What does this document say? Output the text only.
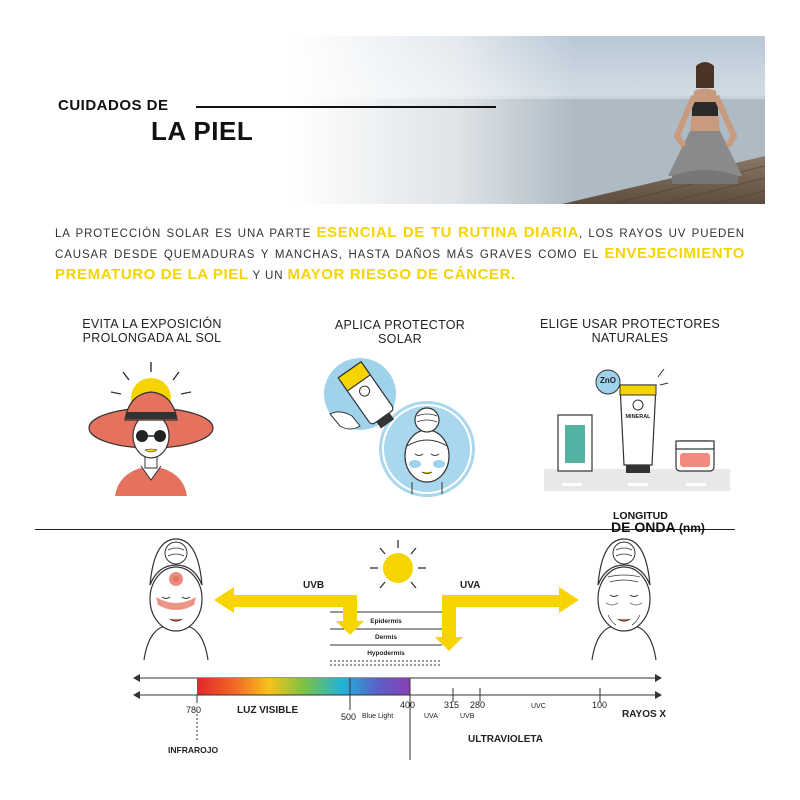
CUIDADOS DE
LA PIEL
LA PROTECCIÓN SOLAR ES UNA PARTE ESENCIAL DE TU RUTINA DIARIA, LOS RAYOS UV PUEDEN CAUSAR DESDE QUEMADURAS Y MANCHAS, HASTA DAÑOS MÁS GRAVES COMO EL ENVEJECIMIENTO PREMATURO DE LA PIEL Y UN MAYOR RIESGO DE CÁNCER.
EVITA LA EXPOSICIÓN
PROLONGADA AL SOL
APLICA PROTECTOR
SOLAR
ELIGE USAR PROTECTORES
NATURALES
ZnO
MINERAL
LONGITUD
DE ONDA (nm)
UVB	UVA
Epidermis
Dermis
Hypodermis
780	LUZ VISIBLE
500 Blue Light
400
UVA
315
UVB
280	UVC	100
RAYOS X
INFRAROJO
ULTRAVIOLETA
